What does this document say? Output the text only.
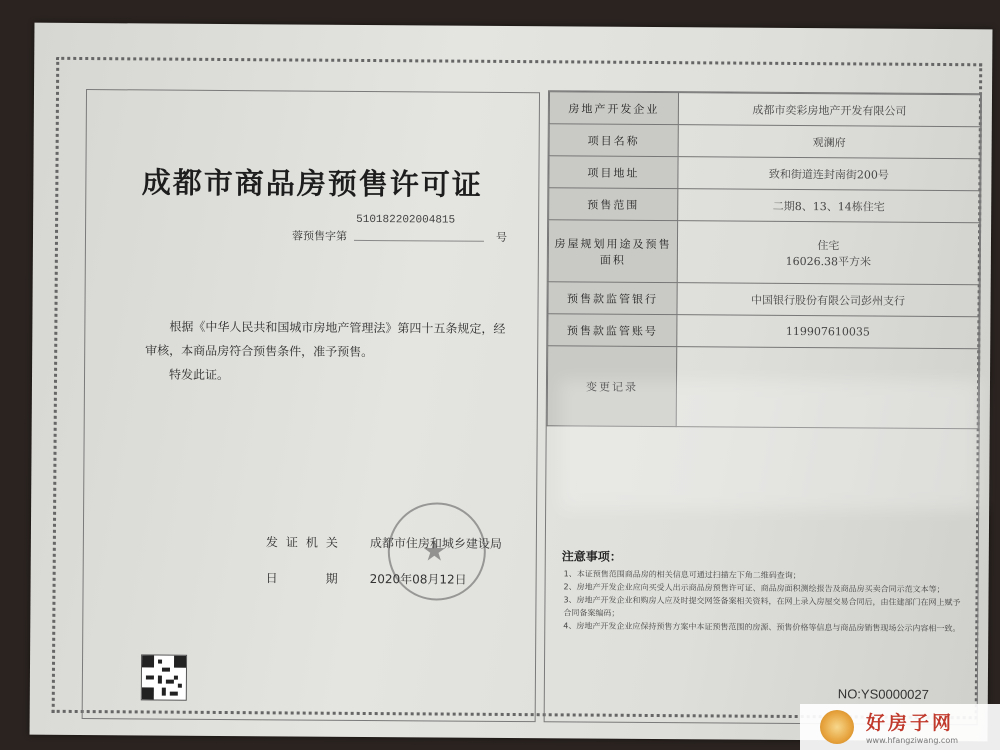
成都市商品房预售许可证
蓉预售字第
510182202004815
号
根据《中华人民共和国城市房地产管理法》第四十五条规定，经审核，本商品房符合预售条件，准予预售。
特发此证。
★
发证机关 成都市住房和城乡建设局
日	期	2020年08月12日
房地产开发企业	成都市奕彩房地产开发有限公司
项目名称	观澜府
项目地址	致和街道连封南街200号
预售范围	二期8、13、14栋住宅
房屋规划用途及预售面积	住宅
16026.38平方米
预售款监管银行	中国银行股份有限公司彭州支行
预售款监管账号	119907610035
变更记录	
注意事项：
1、本证预售范围商品房的相关信息可通过扫描左下角二维码查询；
2、房地产开发企业应向买受人出示商品房预售许可证、商品房面积测绘报告及商品房买卖合同示范文本等；
3、房地产开发企业和购房人应及时提交网签备案相关资料，在网上录入房屋交易合同后，由住建部门在网上赋予合同备案编码；
4、房地产开发企业应保持预售方案中本证预售范围的房源、预售价格等信息与商品房销售现场公示内容相一致。
NO:YS0000027
好房子网
www.hfangziwang.com
